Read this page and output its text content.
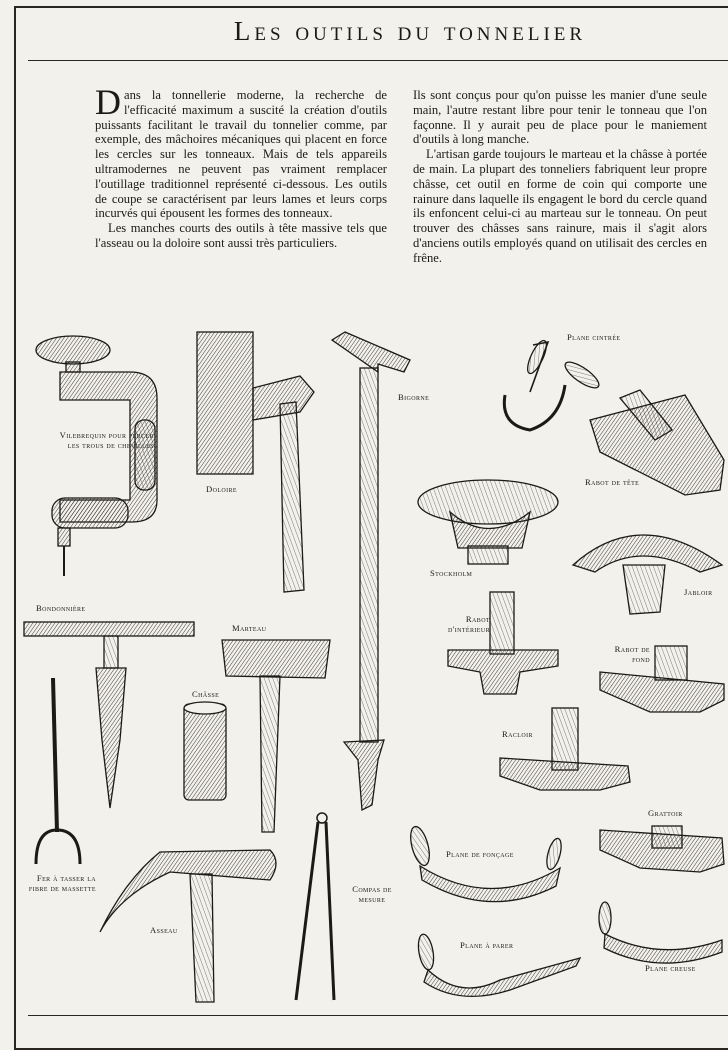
Les outils du tonnelier

Dans la tonnellerie moderne, la recherche de l'efficacité maximum a suscité la création d'outils puissants facilitant le travail du tonnelier comme, par exemple, des mâchoires mécaniques qui placent en force les cercles sur les tonneaux. Mais de tels appareils ultramodernes ne peuvent pas vraiment remplacer l'outillage traditionnel représenté ci-dessous. Les outils de coupe se caractérisent par leurs lames et leurs corps incurvés qui épousent les formes des tonneaux.

Les manches courts des outils à tête massive tels que l'asseau ou la doloire sont aussi très particuliers.

Ils sont conçus pour qu'on puisse les manier d'une seule main, l'autre restant libre pour tenir le tonneau que l'on façonne. Il y aurait peu de place pour le maniement d'outils à long manche.

L'artisan garde toujours le marteau et la châsse à portée de main. La plupart des tonneliers fabriquent leur propre châsse, cet outil en forme de coin qui comporte une rainure dans laquelle ils engagent le bord du cercle quand ils enfoncent celui-ci au marteau sur le tonneau. On peut trouver des châsses sans rainure, mais il s'agit alors d'anciens outils employés quand on utilisait des cercles en frêne.

Vilebrequin pour percer les trous de chevilles
Doloire
Bigorne
Plane cintrée
Rabot de tête
Stockholm
Jabloir
Bondonnière
Marteau
Châsse
Rabot d'intérieur
Rabot de fond
Racloir
Grattoir
Fer à tasser la fibre de massette
Asseau
Compas de mesure
Plane de fonçage
Plane à parer
Plane creuse
